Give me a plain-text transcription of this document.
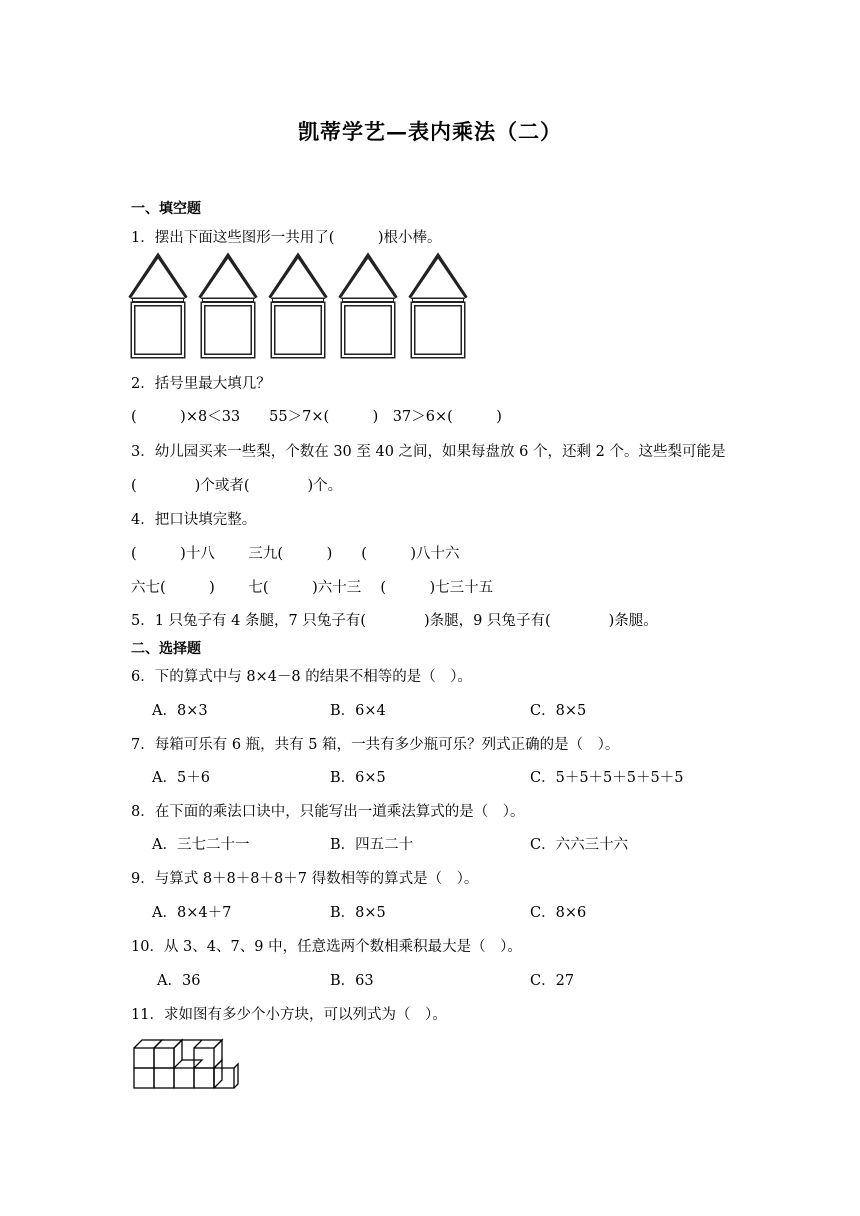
凯蒂学艺—表内乘法（二）
一、填空题
1．摆出下面这些图形一共用了(　　　)根小棒。
2．括号里最大填几？
(　　　)×8＜33　　55＞7×(　　　)　37＞6×(　　　)
3．幼儿园买来一些梨，个数在 30 至 40 之间，如果每盘放 6 个，还剩 2 个。这些梨可能是
(　　　　)个或者(　　　　)个。
4．把口诀填完整。
(　　　)十八　　 三九(　　　)　　(　　　)八十六
六七(　　　)　　 七(　　　)六十三　 (　　　)七三十五
5．1 只兔子有 4 条腿，7 只兔子有(　　　　)条腿，9 只兔子有(　　　　)条腿。
二、选择题
6．下的算式中与 8×4－8 的结果不相等的是（　）。
A．8×3	B．6×4	C．8×5
7．每箱可乐有 6 瓶，共有 5 箱，一共有多少瓶可乐？列式正确的是（　）。
A．5＋6	B．6×5	C．5＋5＋5＋5＋5＋5
8．在下面的乘法口诀中，只能写出一道乘法算式的是（　）。
A．三七二十一	B．四五二十	C．六六三十六
9．与算式 8＋8＋8＋8＋7 得数相等的算式是（　）。
A．8×4＋7	B．8×5	C．8×6
10．从 3、4、7、9 中，任意选两个数相乘积最大是（　）。
A．36	B．63	C．27
11．求如图有多少个小方块，可以列式为（　）。
